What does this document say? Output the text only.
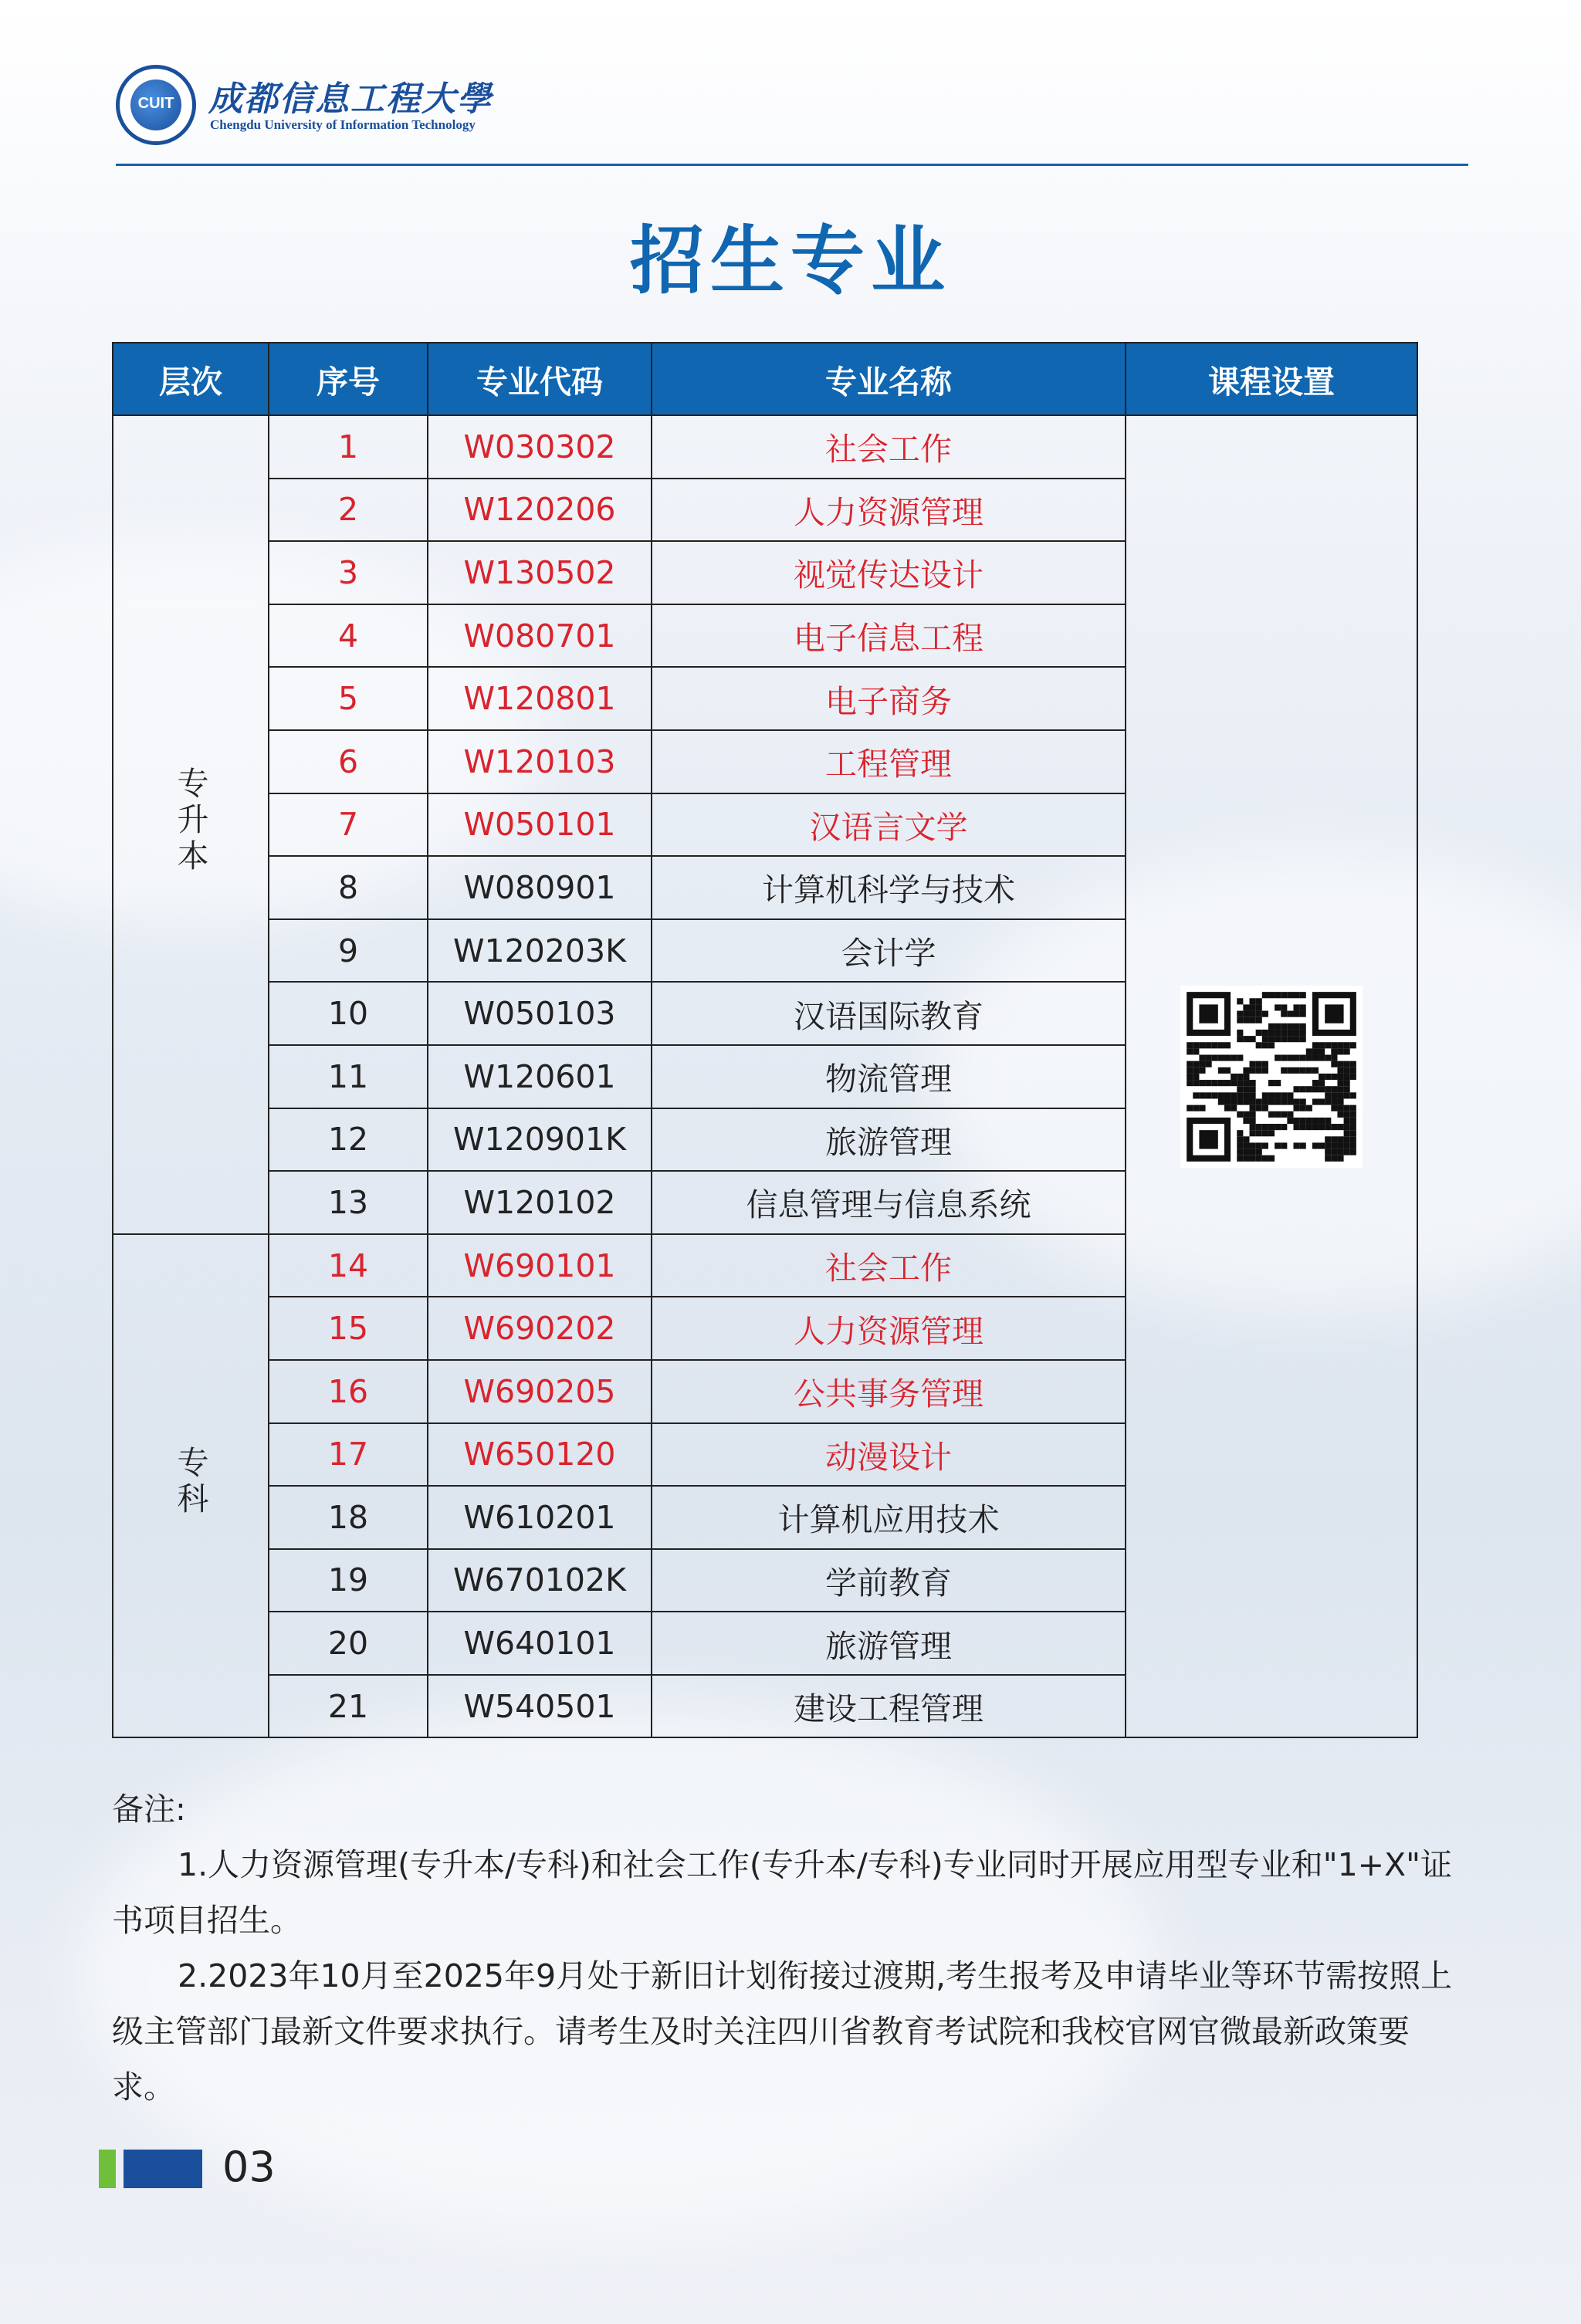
CUIT	成都信息工程大學
Chengdu University of Information Technology
招生专业
层次	序号	专业代码	专业名称	课程设置
专升本	1	W030302	社会工作	
	2	W120206	人力资源管理	
	3	W130502	视觉传达设计	
	4	W080701	电子信息工程	
	5	W120801	电子商务	
	6	W120103	工程管理	
	7	W050101	汉语言文学	
	8	W080901	计算机科学与技术	
	9	W120203K	会计学	
	10	W050103	汉语国际教育	
	11	W120601	物流管理	
	12	W120901K	旅游管理	
	13	W120102	信息管理与信息系统	
专科	14	W690101	社会工作	
	15	W690202	人力资源管理	
	16	W690205	公共事务管理	
	17	W650120	动漫设计	
	18	W610201	计算机应用技术	
	19	W670102K	学前教育	
	20	W640101	旅游管理	
	21	W540501	建设工程管理	

备注:

1.人力资源管理(专升本/专科)和社会工作(专升本/专科)专业同时开展应用型专业和"1+X"证书项目招生。

2.2023年10月至2025年9月处于新旧计划衔接过渡期,考生报考及申请毕业等环节需按照上级主管部门最新文件要求执行。请考生及时关注四川省教育考试院和我校官网官微最新政策要求。

03
